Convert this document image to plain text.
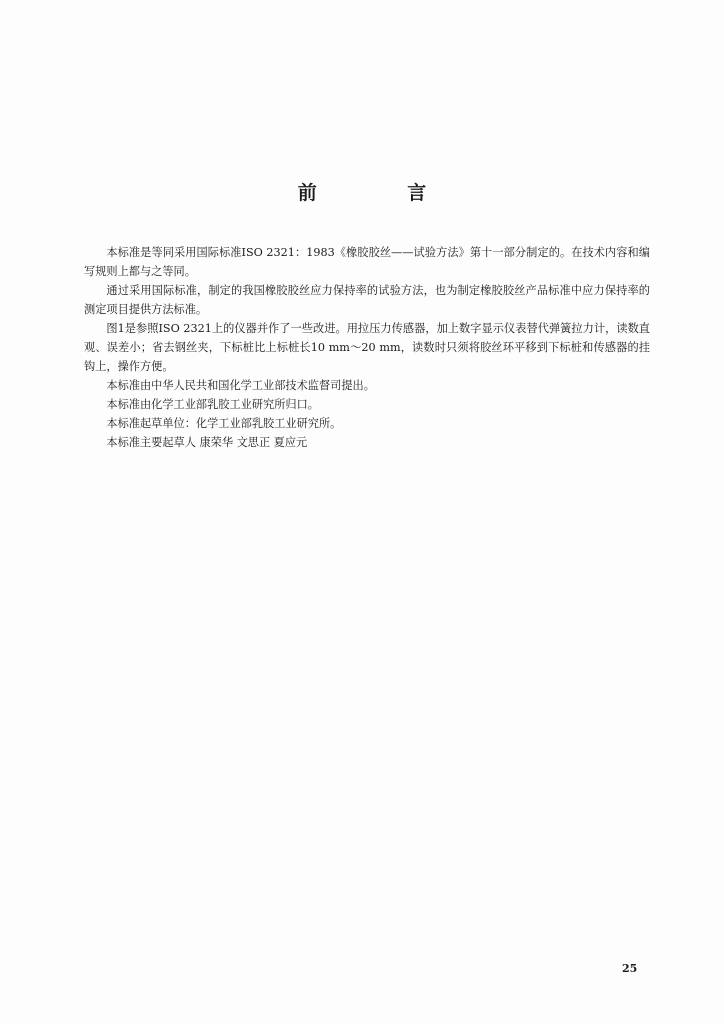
前 言

本标准是等同采用国际标准ISO 2321：1983《橡胶胶丝——试验方法》第十一部分制定的。在技术内容和编写规则上都与之等同。

通过采用国际标准，制定的我国橡胶胶丝应力保持率的试验方法，也为制定橡胶胶丝产品标准中应力保持率的测定项目提供方法标准。

图1是参照ISO 2321上的仪器并作了一些改进。用拉压力传感器，加上数字显示仪表替代弹簧拉力计，读数直观、误差小；省去钢丝夹，下标桩比上标桩长10 mm～20 mm，读数时只须将胶丝环平移到下标桩和传感器的挂钩上，操作方便。

本标准由中华人民共和国化学工业部技术监督司提出。

本标准由化学工业部乳胶工业研究所归口。

本标准起草单位：化学工业部乳胶工业研究所。

本标准主要起草人 康荣华 文思正 夏应元

25
